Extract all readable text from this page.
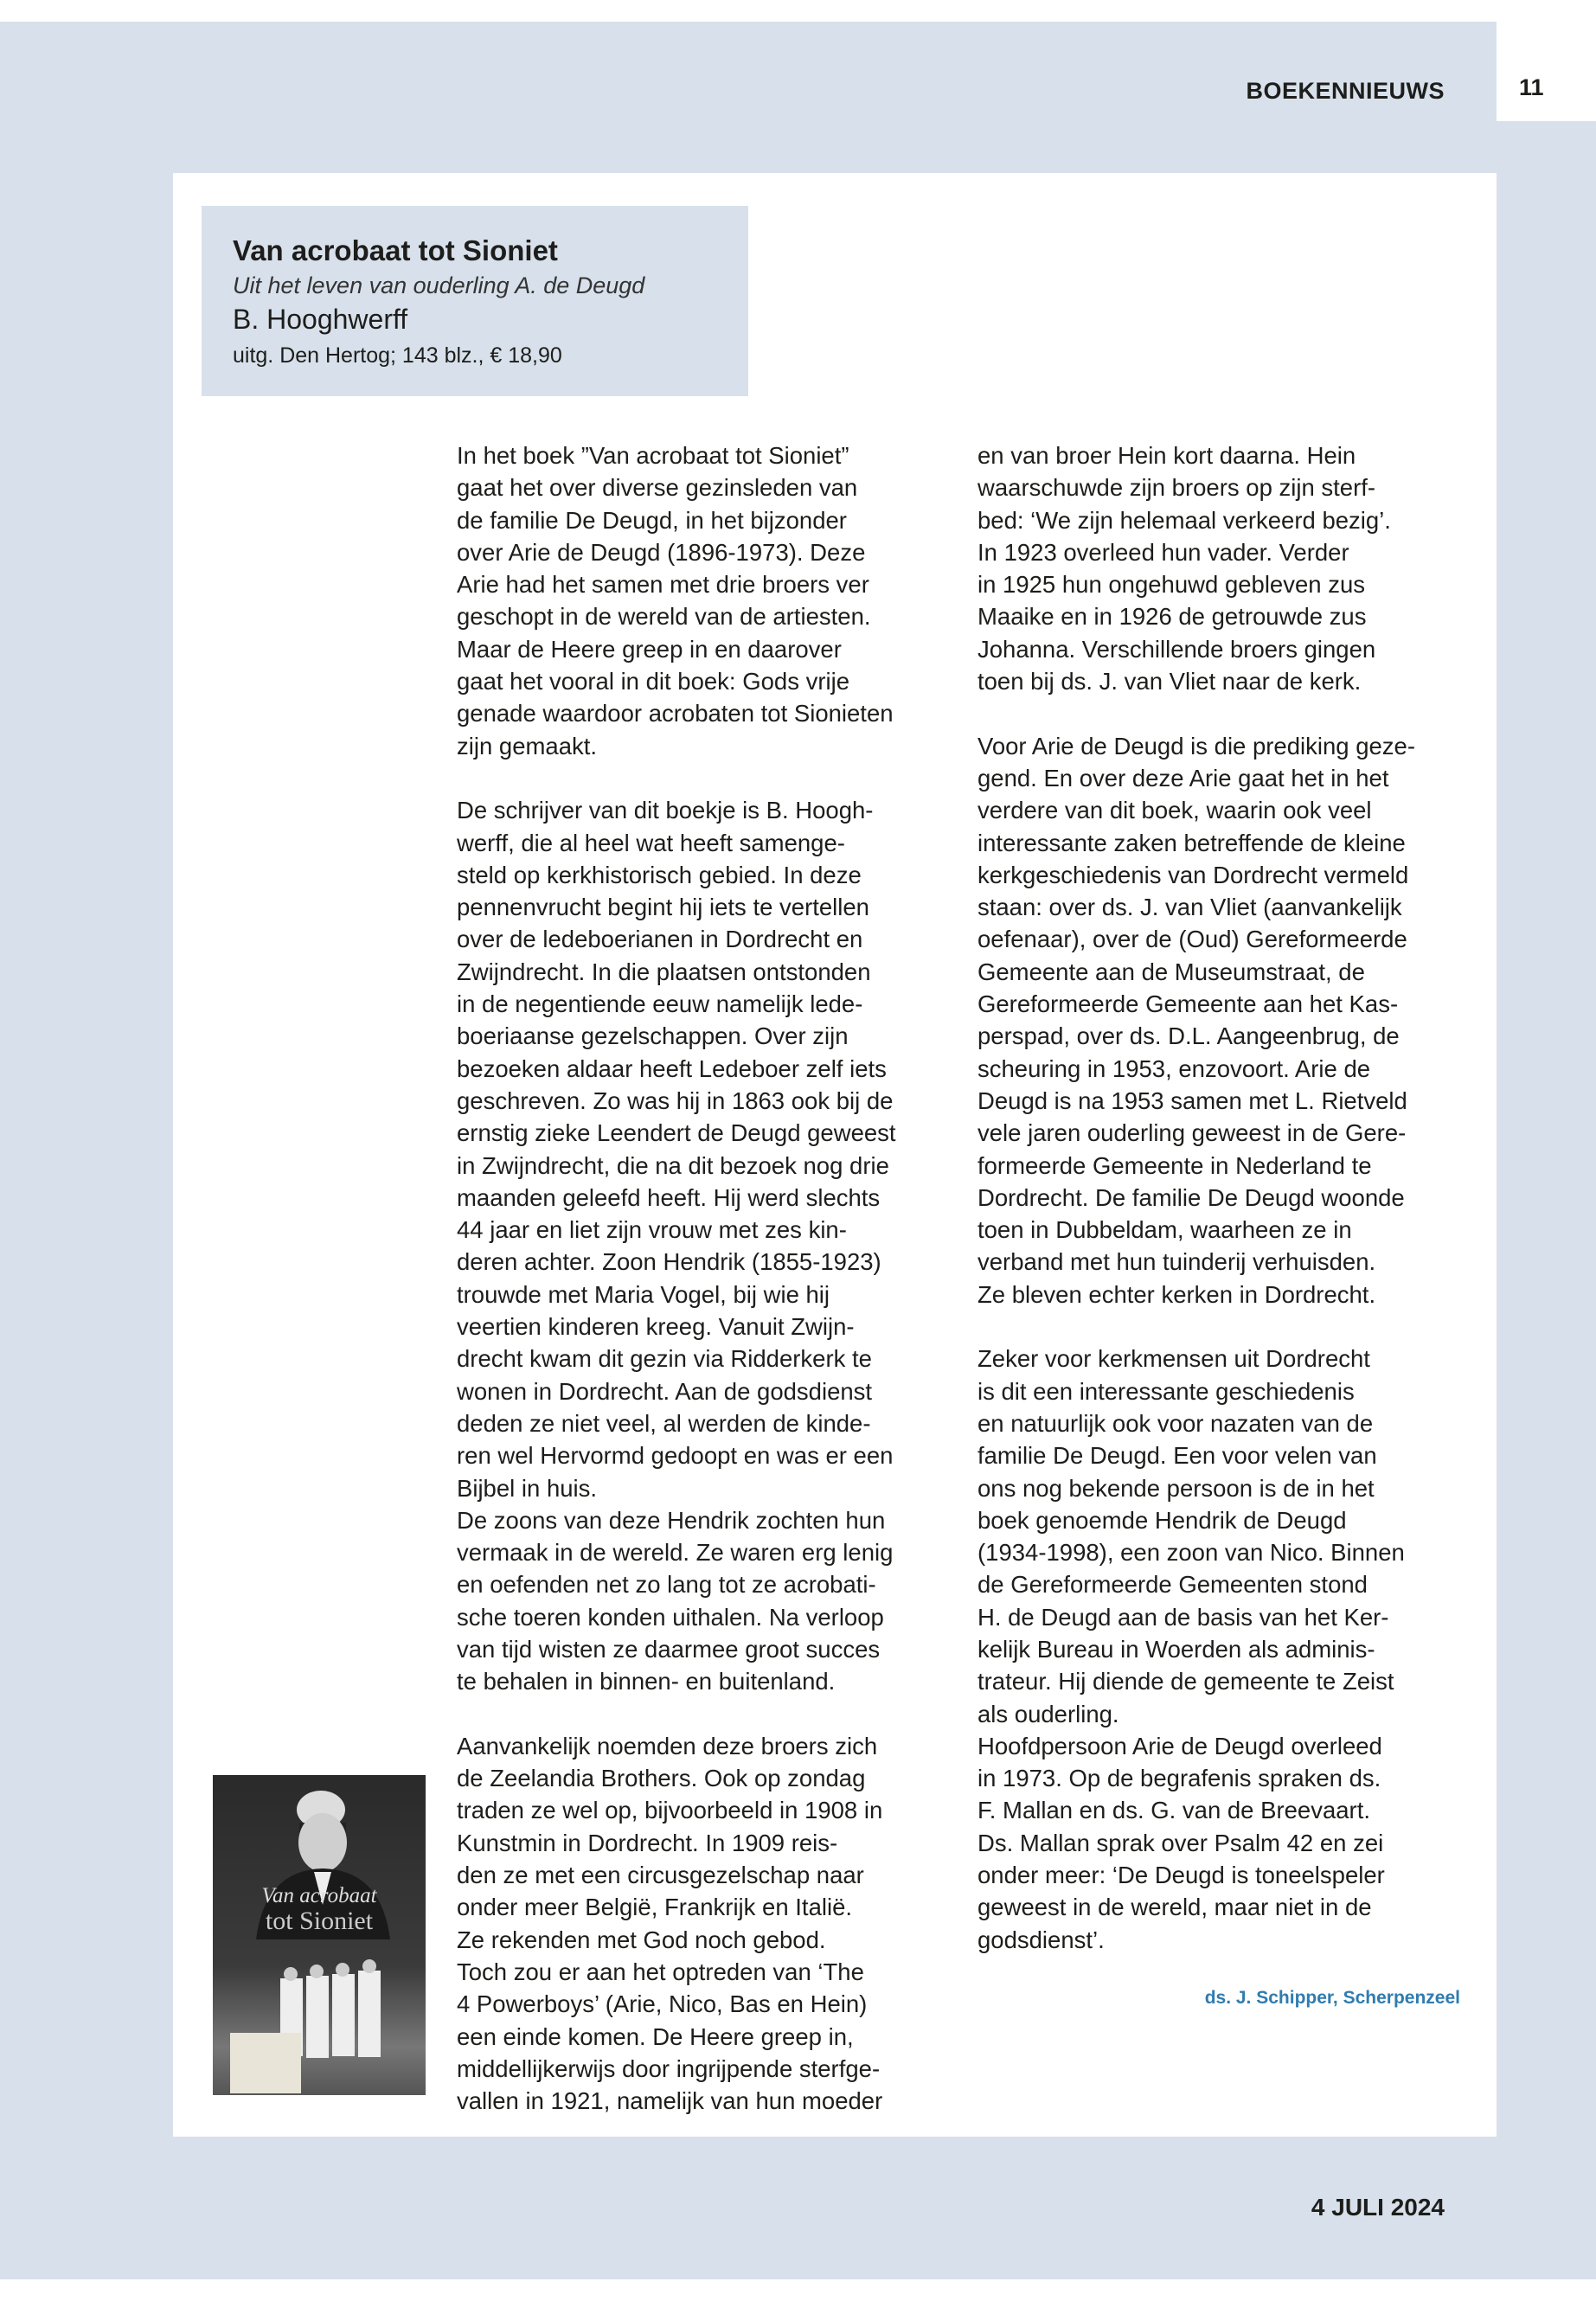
11
BOEKENNIEUWS
Van acrobaat tot Sioniet
Uit het leven van ouderling A. de Deugd
B. Hooghwerff
uitg. Den Hertog; 143 blz., € 18,90
Van acrobaat
tot Sioniet
In het boek ”Van acrobaat tot Sioniet”
gaat het over diverse gezinsleden van
de familie De Deugd, in het bijzonder
over Arie de Deugd (1896-1973). Deze
Arie had het samen met drie broers ver
geschopt in de wereld van de artiesten.
Maar de Heere greep in en daarover
gaat het vooral in dit boek: Gods vrije
genade waardoor acrobaten tot Sionieten
zijn gemaakt.
De schrijver van dit boekje is B. Hoogh-
werff, die al heel wat heeft samenge-
steld op kerkhistorisch gebied. In deze
pennenvrucht begint hij iets te vertellen
over de ledeboerianen in Dordrecht en
Zwijndrecht. In die plaatsen ontstonden
in de negentiende eeuw namelijk lede-
boeriaanse gezelschappen. Over zijn
bezoeken aldaar heeft Ledeboer zelf iets
geschreven. Zo was hij in 1863 ook bij de
ernstig zieke Leendert de Deugd geweest
in Zwijndrecht, die na dit bezoek nog drie
maanden geleefd heeft. Hij werd slechts
44 jaar en liet zijn vrouw met zes kin-
deren achter. Zoon Hendrik (1855-1923)
trouwde met Maria Vogel, bij wie hij
veertien kinderen kreeg. Vanuit Zwijn-
drecht kwam dit gezin via Ridderkerk te
wonen in Dordrecht. Aan de godsdienst
deden ze niet veel, al werden de kinde-
ren wel Hervormd gedoopt en was er een
Bijbel in huis.
De zoons van deze Hendrik zochten hun
vermaak in de wereld. Ze waren erg lenig
en oefenden net zo lang tot ze acrobati-
sche toeren konden uithalen. Na verloop
van tijd wisten ze daarmee groot succes
te behalen in binnen- en buitenland.
Aanvankelijk noemden deze broers zich
de Zeelandia Brothers. Ook op zondag
traden ze wel op, bijvoorbeeld in 1908 in
Kunstmin in Dordrecht. In 1909 reis-
den ze met een circusgezelschap naar
onder meer België, Frankrijk en Italië.
Ze rekenden met God noch gebod.
Toch zou er aan het optreden van ‘The
4 Powerboys’ (Arie, Nico, Bas en Hein)
een einde komen. De Heere greep in,
middellijkerwijs door ingrijpende sterfge-
vallen in 1921, namelijk van hun moeder
en van broer Hein kort daarna. Hein
waarschuwde zijn broers op zijn sterf-
bed: ‘We zijn helemaal verkeerd bezig’.
In 1923 overleed hun vader. Verder
in 1925 hun ongehuwd gebleven zus
Maaike en in 1926 de getrouwde zus
Johanna. Verschillende broers gingen
toen bij ds. J. van Vliet naar de kerk.
Voor Arie de Deugd is die prediking geze-
gend. En over deze Arie gaat het in het
verdere van dit boek, waarin ook veel
interessante zaken betreffende de kleine
kerkgeschiedenis van Dordrecht vermeld
staan: over ds. J. van Vliet (aanvankelijk
oefenaar), over de (Oud) Gereformeerde
Gemeente aan de Museumstraat, de
Gereformeerde Gemeente aan het Kas-
perspad, over ds. D.L. Aangeenbrug, de
scheuring in 1953, enzovoort. Arie de
Deugd is na 1953 samen met L. Rietveld
vele jaren ouderling geweest in de Gere-
formeerde Gemeente in Nederland te
Dordrecht. De familie De Deugd woonde
toen in Dubbeldam, waarheen ze in
verband met hun tuinderij verhuisden.
Ze bleven echter kerken in Dordrecht.
Zeker voor kerkmensen uit Dordrecht
is dit een interessante geschiedenis
en natuurlijk ook voor nazaten van de
familie De Deugd. Een voor velen van
ons nog bekende persoon is de in het
boek genoemde Hendrik de Deugd
(1934-1998), een zoon van Nico. Binnen
de Gereformeerde Gemeenten stond
H. de Deugd aan de basis van het Ker-
kelijk Bureau in Woerden als adminis-
trateur. Hij diende de gemeente te Zeist
als ouderling.
Hoofdpersoon Arie de Deugd overleed
in 1973. Op de begrafenis spraken ds.
F. Mallan en ds. G. van de Breevaart.
Ds. Mallan sprak over Psalm 42 en zei
onder meer: ‘De Deugd is toneelspeler
geweest in de wereld, maar niet in de
godsdienst’.
ds. J. Schipper, Scherpenzeel
4 JULI 2024
